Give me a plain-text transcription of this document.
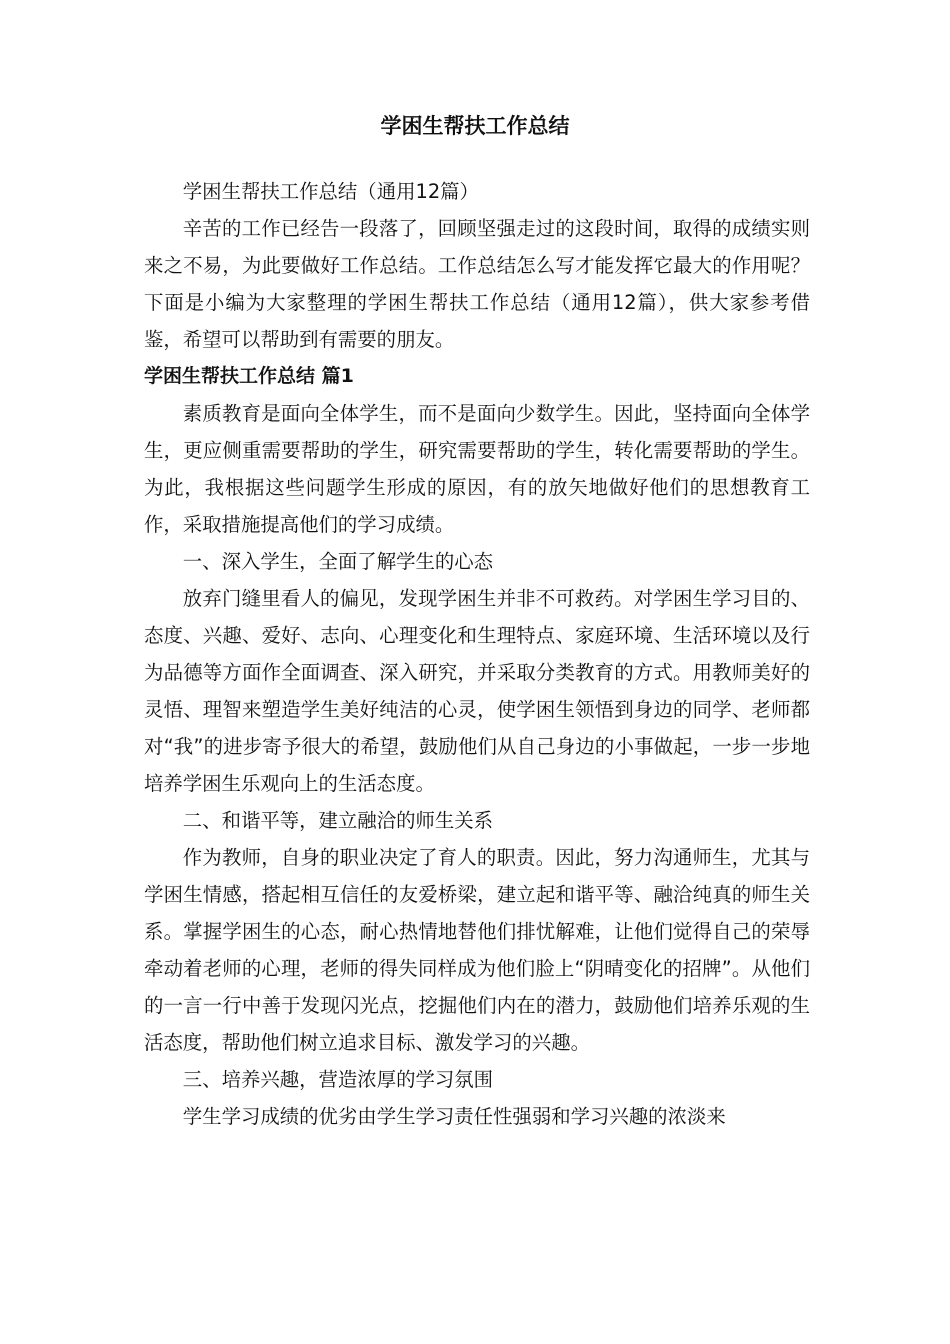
学困生帮扶工作总结

学困生帮扶工作总结（通用12篇）

辛苦的工作已经告一段落了，回顾坚强走过的这段时间，取得的成绩实则来之不易，为此要做好工作总结。工作总结怎么写才能发挥它最大的作用呢？下面是小编为大家整理的学困生帮扶工作总结（通用12篇），供大家参考借鉴，希望可以帮助到有需要的朋友。

学困生帮扶工作总结 篇1

素质教育是面向全体学生，而不是面向少数学生。因此，坚持面向全体学生，更应侧重需要帮助的学生，研究需要帮助的学生，转化需要帮助的学生。为此，我根据这些问题学生形成的原因，有的放矢地做好他们的思想教育工作，采取措施提高他们的学习成绩。

一、深入学生，全面了解学生的心态

放弃门缝里看人的偏见，发现学困生并非不可救药。对学困生学习目的、态度、兴趣、爱好、志向、心理变化和生理特点、家庭环境、生活环境以及行为品德等方面作全面调查、深入研究，并采取分类教育的方式。用教师美好的灵悟、理智来塑造学生美好纯洁的心灵，使学困生领悟到身边的同学、老师都对“我”的进步寄予很大的希望，鼓励他们从自己身边的小事做起，一步一步地培养学困生乐观向上的生活态度。

二、和谐平等，建立融洽的师生关系

作为教师，自身的职业决定了育人的职责。因此，努力沟通师生，尤其与学困生情感，搭起相互信任的友爱桥梁，建立起和谐平等、融洽纯真的师生关系。掌握学困生的心态，耐心热情地替他们排忧解难，让他们觉得自己的荣辱牵动着老师的心理，老师的得失同样成为他们脸上“阴晴变化的招牌”。从他们的一言一行中善于发现闪光点，挖掘他们内在的潜力，鼓励他们培养乐观的生活态度，帮助他们树立追求目标、激发学习的兴趣。

三、培养兴趣，营造浓厚的学习氛围

学生学习成绩的优劣由学生学习责任性强弱和学习兴趣的浓淡来
